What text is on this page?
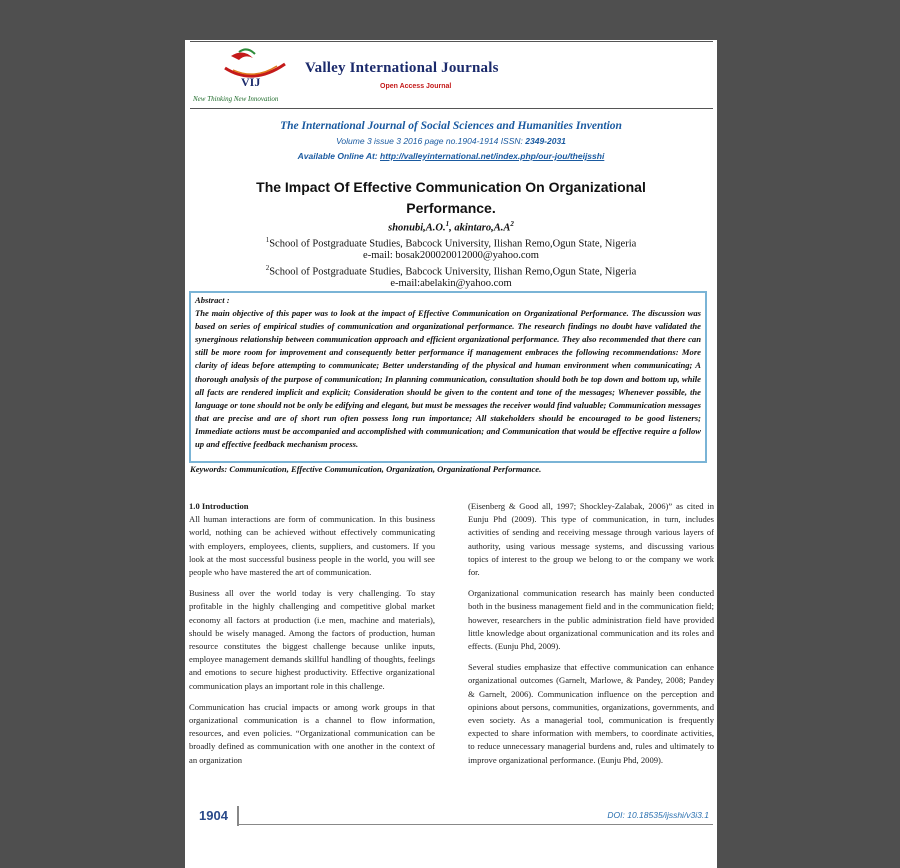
VIJ
Valley International Journals
Open Access Journal
New Thinking New Innovation
The International Journal of Social Sciences and Humanities Invention
Volume 3 issue 3 2016 page no.1904-1914 ISSN: 2349-2031
Available Online At: http://valleyinternational.net/index.php/our-jou/theijsshi
The Impact Of Effective Communication On Organizational Performance.
shonubi,A.O.$^1$, $akintaro,A.A^2$
$^1$School of Postgraduate Studies, Babcock University, Ilishan Remo,Ogun State, Nigeria
e-mail: bosak200020012000@yahoo.com
$^2$School of Postgraduate Studies, Babcock University, Ilishan Remo,Ogun State, Nigeria
e-mail:abelakin@yahoo.com
Abstract :
The main objective of this paper was to look at the impact of Effective Communication on Organizational Performance. The discussion was based on series of empirical studies of communication and organizational performance. The research findings no doubt have validated the synerginous relationship between communication approach and efficient organizational performance. They also recommended that there can still be more room for improvement and consequently better performance if management embraces the following recommendations: More clarity of ideas before attempting to communicate; Better understanding of the physical and human environment when communicating; A thorough analysis of the purpose of communication; In planning communication, consultation should both be top down and bottom up, while all facts are rendered implicit and explicit; Consideration should be given to the content and tone of the messages; Whenever possible, the language or tone should not be only be edifying and elegant, but must be messages the receiver would find valuable; Communication messages that are precise and are of short run often possess long run importance; All stakeholders should be encouraged to be good listeners; Immediate actions must be accompanied and accomplished with communication; and Communication that would be effective require a follow up and effective feedback mechanism process.
Keywords: Communication, Effective Communication, Organization, Organizational Performance.

1.0 Introduction

All human interactions are form of communication. In this business world, nothing can be achieved without effectively communicating with employers, employees, clients, suppliers, and customers. If you look at the most successful business people in the world, you will see people who have mastered the art of communication.

Business all over the world today is very challenging. To stay profitable in the highly challenging and competitive global market economy all factors at production (i.e men, machine and materials), should be wisely managed. Among the factors of production, human resource constitutes the biggest challenge because unlike inputs, employee management demands skillful handling of thoughts, feelings and emotions to secure highest productivity. Effective organizational communication plays an important role in this challenge.

Communication has crucial impacts or among work groups in that organizational communication is a channel to flow information, resources, and even policies. “Organizational communication can be broadly defined as communication with one another in the context of an organization

(Eisenberg & Good all, 1997; Shockley-Zalabak, 2006)” as cited in Eunju Phd (2009). This type of communication, in turn, includes activities of sending and receiving message through various layers of authority, using various message systems, and discussing various topics of interest to the group we belong to or the company we work for.

Organizational communication research has mainly been conducted both in the business management field and in the communication field; however, researchers in the public administration field have provided little knowledge about organizational communication and its roles and effects. (Eunju Phd, 2009).

Several studies emphasize that effective communication can enhance organizational outcomes (Garnelt, Marlowe, & Pandey, 2008; Pandey & Garnelt, 2006). Communication influence on the perception and opinions about persons, communities, organizations, governments, and even society. As a managerial tool, communication is frequently expected to share information with members, to coordinate activities, to reduce unnecessary managerial burdens and, rules and ultimately to improve organizational performance. (Eunju Phd, 2009).

1904	DOI: 10.18535/ijsshi/v3i3.1
